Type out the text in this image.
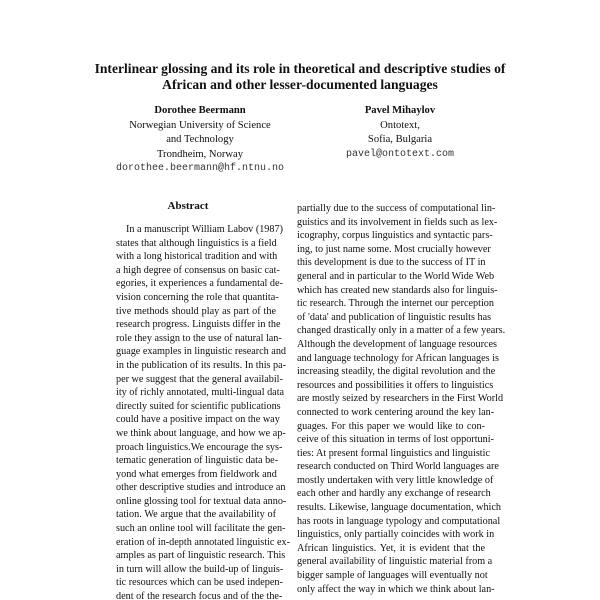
Interlinear glossing and its role in theoretical and descriptive studies of
African and other lesser-documented languages
Dorothee Beermann
Norwegian University of Science
and Technology
Trondheim, Norway
dorothee.beermann@hf.ntnu.no
Pavel Mihaylov
Ontotext,
Sofia, Bulgaria
pavel@ontotext.com
Abstract
In a manuscript William Labov (1987)
states that although linguistics is a field
with a long historical tradition and with
a high degree of consensus on basic cat-
egories, it experiences a fundamental de-
vision concerning the role that quantita-
tive methods should play as part of the
research progress. Linguists differ in the
role they assign to the use of natural lan-
guage examples in linguistic research and
in the publication of its results. In this pa-
per we suggest that the general availabil-
ity of richly annotated, multi-lingual data
directly suited for scientific publications
could have a positive impact on the way
we think about language, and how we ap-
proach linguistics.We encourage the sys-
tematic generation of linguistic data be-
yond what emerges from fieldwork and
other descriptive studies and introduce an
online glossing tool for textual data anno-
tation. We argue that the availability of
such an online tool will facilitate the gen-
eration of in-depth annotated linguistic ex-
amples as part of linguistic research. This
in turn will allow the build-up of linguis-
tic resources which can be used indepen-
dent of the research focus and of the the-
partially due to the success of computational lin-
guistics and its involvement in fields such as lex-
icography, corpus linguistics and syntactic pars-
ing, to just name some. Most crucially however
this development is due to the success of IT in
general and in particular to the World Wide Web
which has created new standards also for linguis-
tic research. Through the internet our perception
of 'data' and publication of linguistic results has
changed drastically only in a matter of a few years.
Although the development of language resources
and language technology for African languages is
increasing steadily, the digital revolution and the
resources and possibilities it offers to linguistics
are mostly seized by researchers in the First World
connected to work centering around the key lan-
guages. For this paper we would like to con-
ceive of this situation in terms of lost opportuni-
ties: At present formal linguistics and linguistic
research conducted on Third World languages are
mostly undertaken with very little knowledge of
each other and hardly any exchange of research
results. Likewise, language documentation, which
has roots in language typology and computational
linguistics, only partially coincides with work in
African linguistics. Yet, it is evident that the
general availability of linguistic material from a
bigger sample of languages will eventually not
only affect the way in which we think about lan-
